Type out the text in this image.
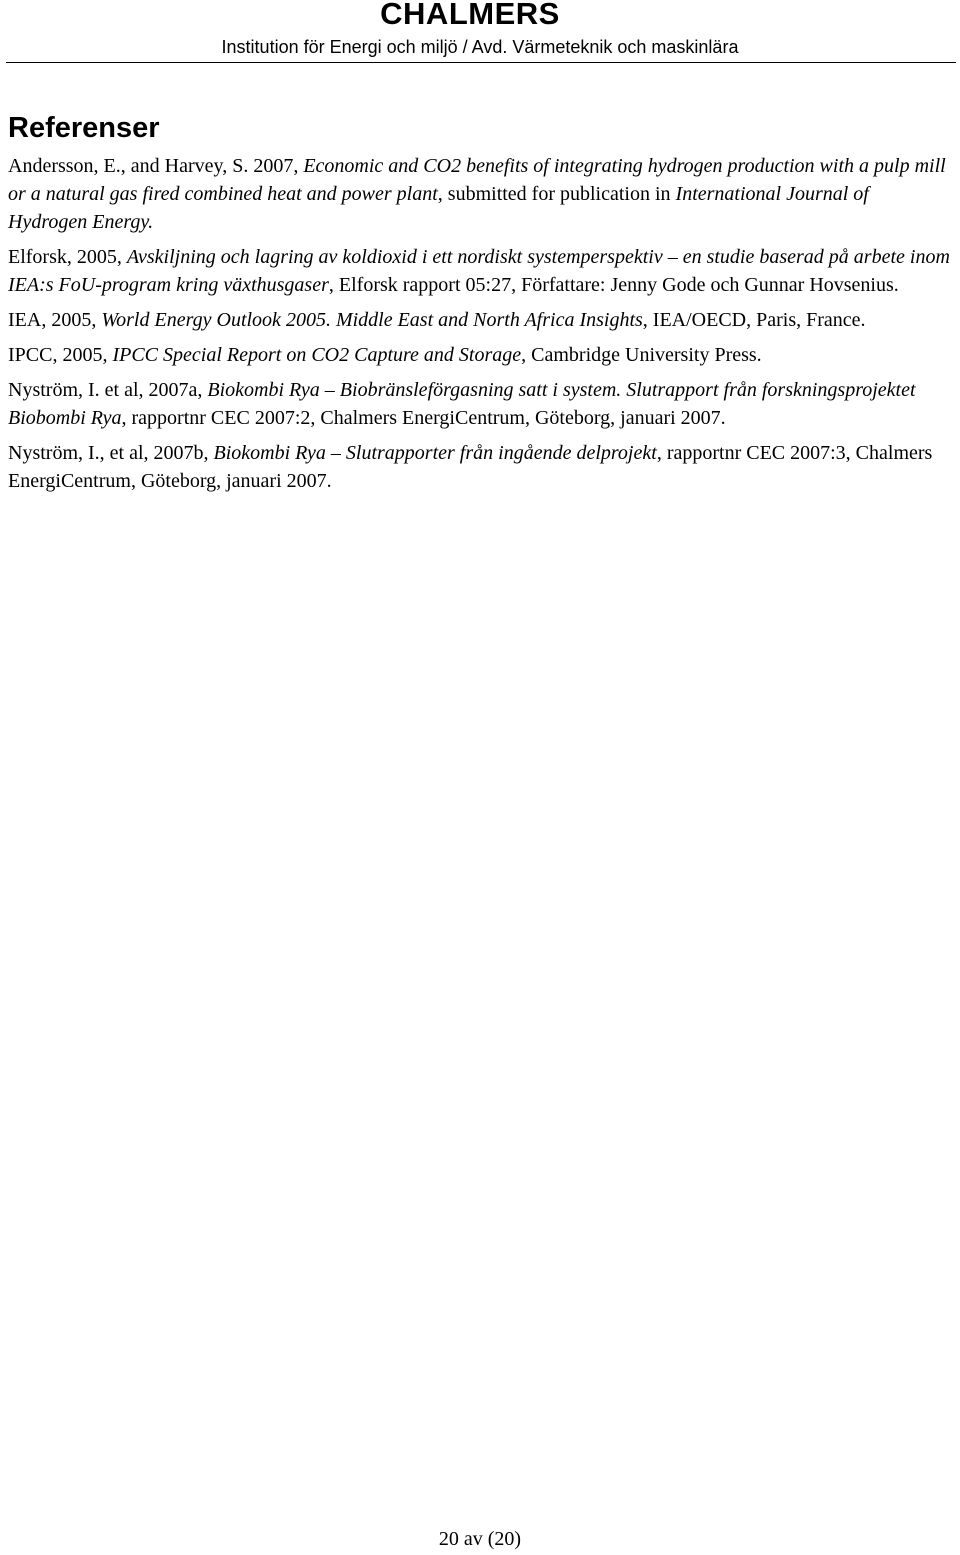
CHALMERS
Institution för Energi och miljö / Avd. Värmeteknik och maskinlära
Referenser

Andersson, E., and Harvey, S. 2007, Economic and CO2 benefits of integrating hydrogen production with a pulp mill or a natural gas fired combined heat and power plant, submitted for publication in International Journal of Hydrogen Energy.

Elforsk, 2005, Avskiljning och lagring av koldioxid i ett nordiskt systemperspektiv – en studie baserad på arbete inom IEA:s FoU-program kring växthusgaser, Elforsk rapport 05:27, Författare: Jenny Gode och Gunnar Hovsenius.

IEA, 2005, World Energy Outlook 2005. Middle East and North Africa Insights, IEA/OECD, Paris, France.

IPCC, 2005, IPCC Special Report on CO2 Capture and Storage, Cambridge University Press.

Nyström, I. et al, 2007a, Biokombi Rya – Biobränsleförgasning satt i system. Slutrapport från forskningsprojektet Biobombi Rya, rapportnr CEC 2007:2, Chalmers EnergiCentrum, Göteborg, januari 2007.

Nyström, I., et al, 2007b, Biokombi Rya – Slutrapporter från ingående delprojekt, rapportnr CEC 2007:3, Chalmers EnergiCentrum, Göteborg, januari 2007.

20 av (20)
